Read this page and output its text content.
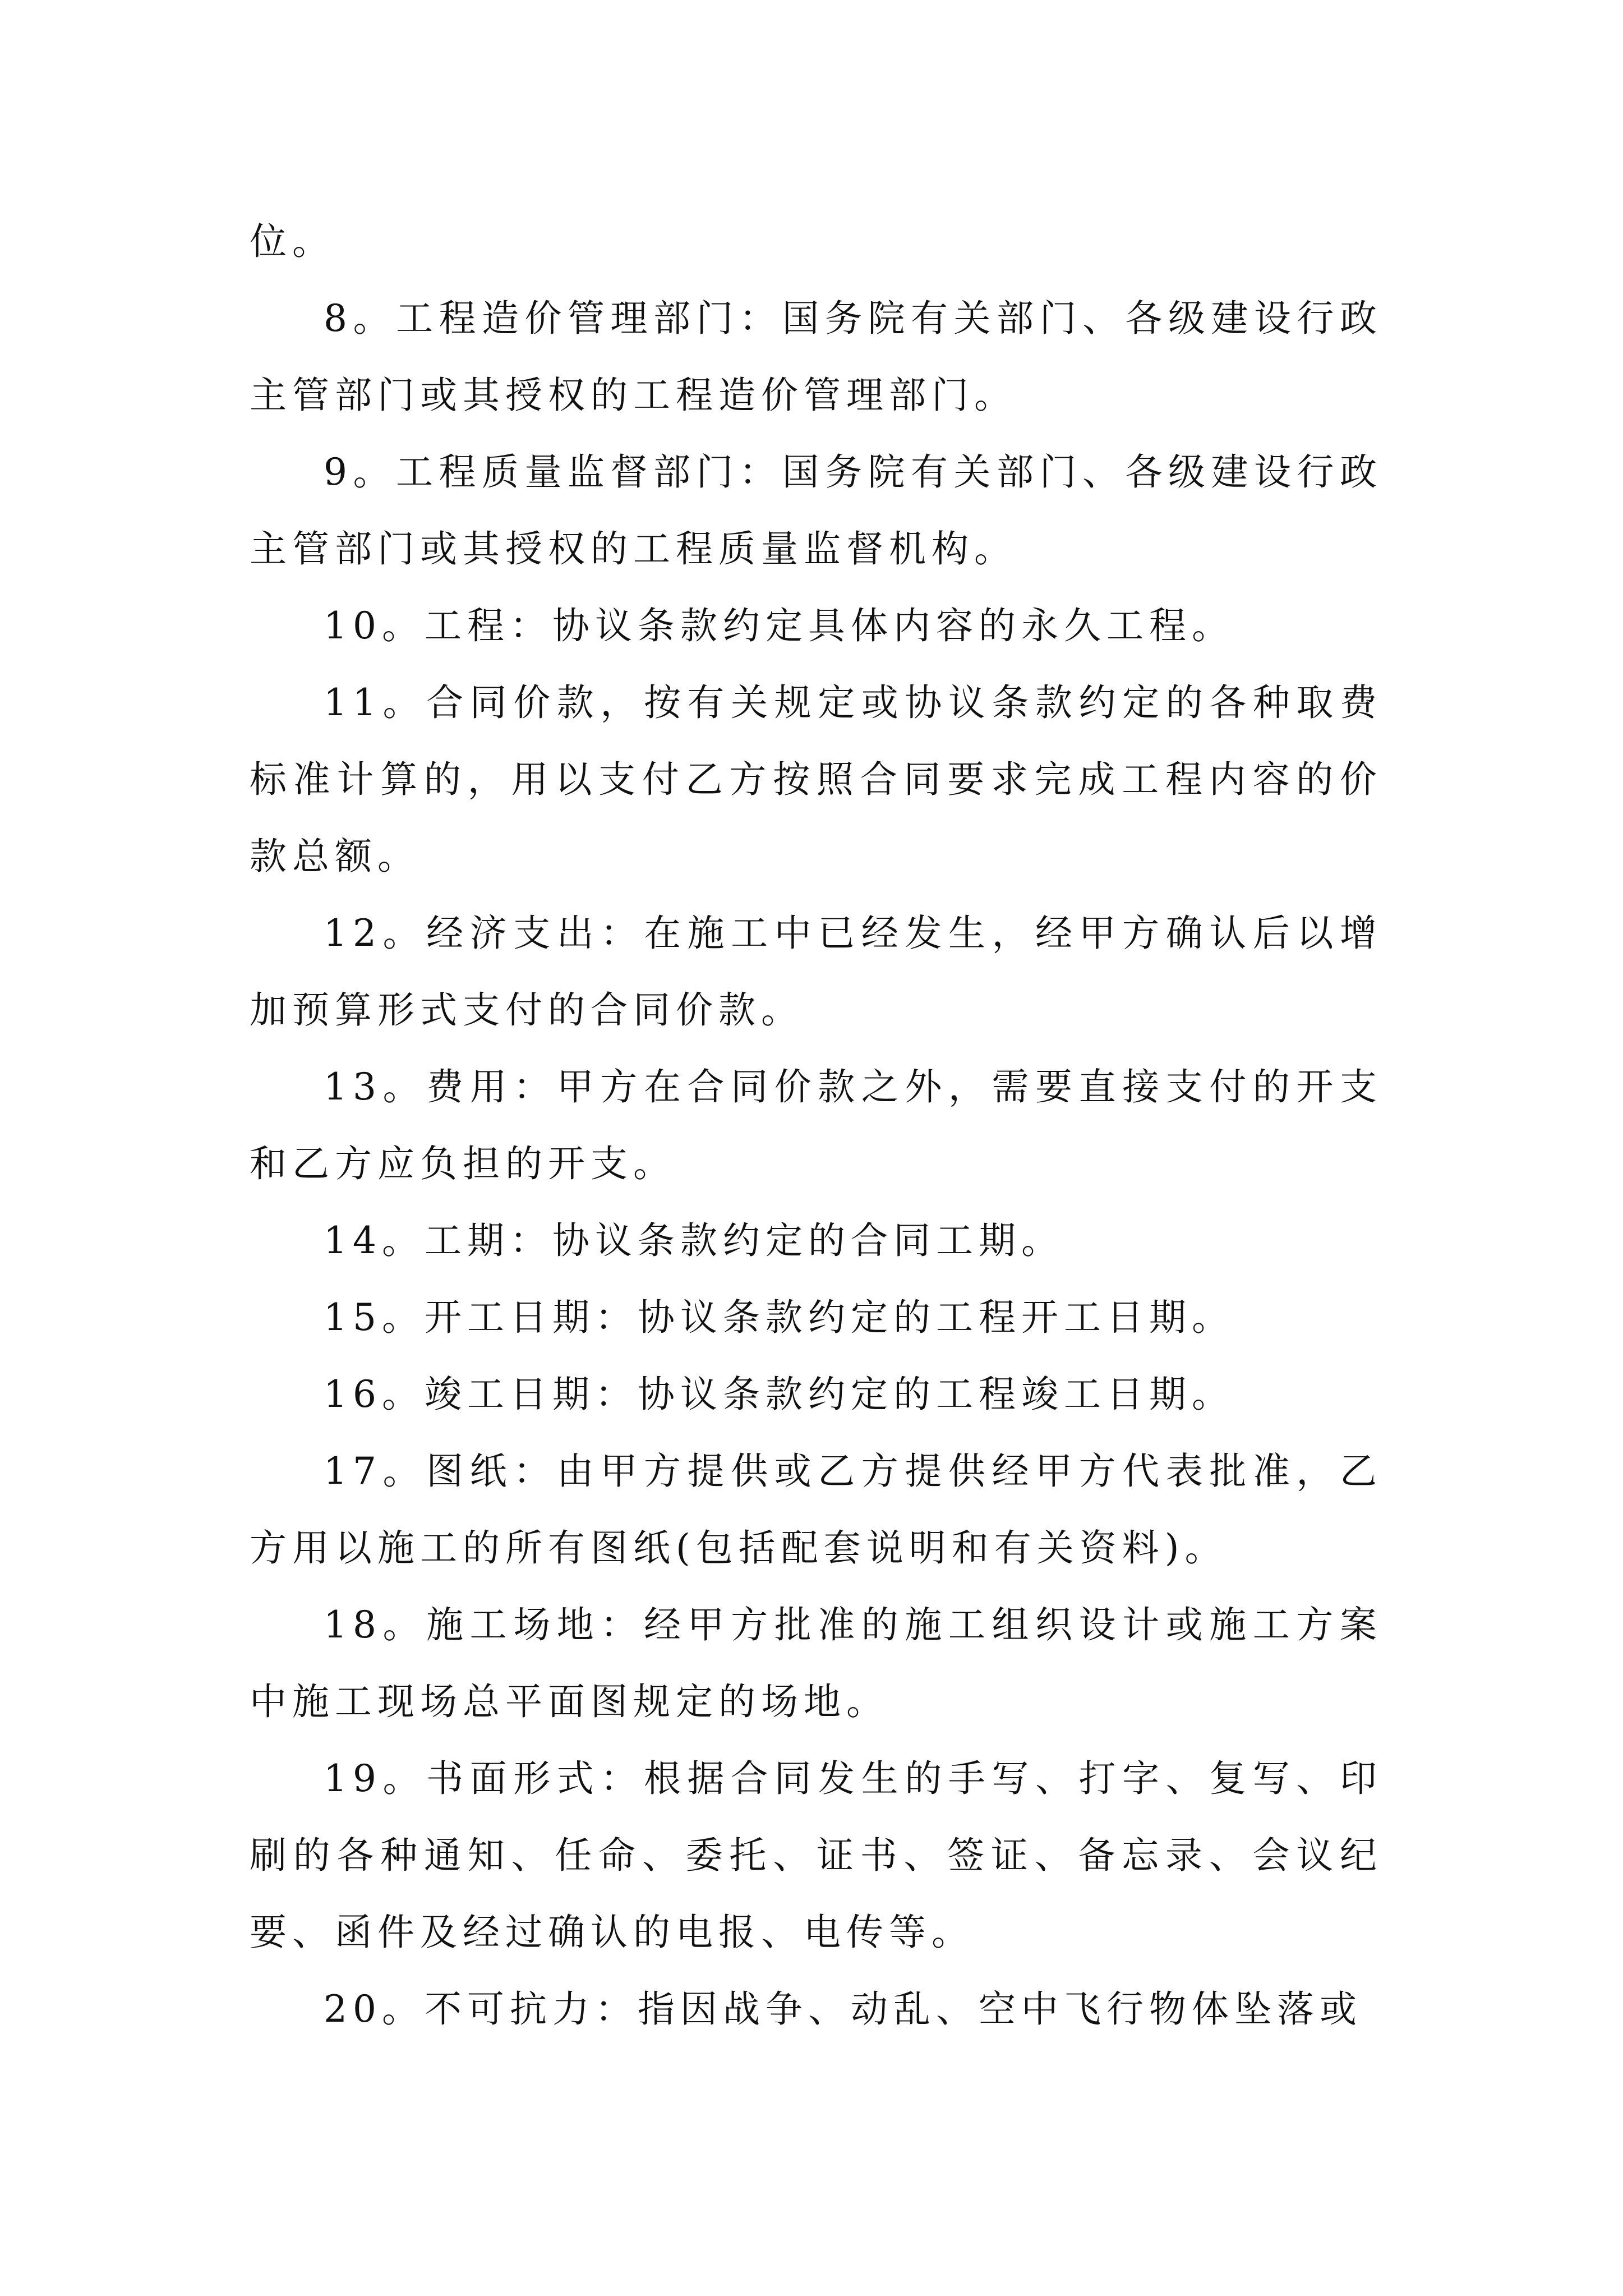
位。

8。工程造价管理部门：国务院有关部门、各级建设行政主管部门或其授权的工程造价管理部门。

9。工程质量监督部门：国务院有关部门、各级建设行政主管部门或其授权的工程质量监督机构。

10。工程：协议条款约定具体内容的永久工程。

11。合同价款，按有关规定或协议条款约定的各种取费标准计算的，用以支付乙方按照合同要求完成工程内容的价款总额。

12。经济支出：在施工中已经发生，经甲方确认后以增加预算形式支付的合同价款。

13。费用：甲方在合同价款之外，需要直接支付的开支和乙方应负担的开支。

14。工期：协议条款约定的合同工期。

15。开工日期：协议条款约定的工程开工日期。

16。竣工日期：协议条款约定的工程竣工日期。

17。图纸：由甲方提供或乙方提供经甲方代表批准，乙方用以施工的所有图纸(包括配套说明和有关资料)。

18。施工场地：经甲方批准的施工组织设计或施工方案中施工现场总平面图规定的场地。

19。书面形式：根据合同发生的手写、打字、复写、印刷的各种通知、任命、委托、证书、签证、备忘录、会议纪要、函件及经过确认的电报、电传等。

20。不可抗力：指因战争、动乱、空中飞行物体坠落或
